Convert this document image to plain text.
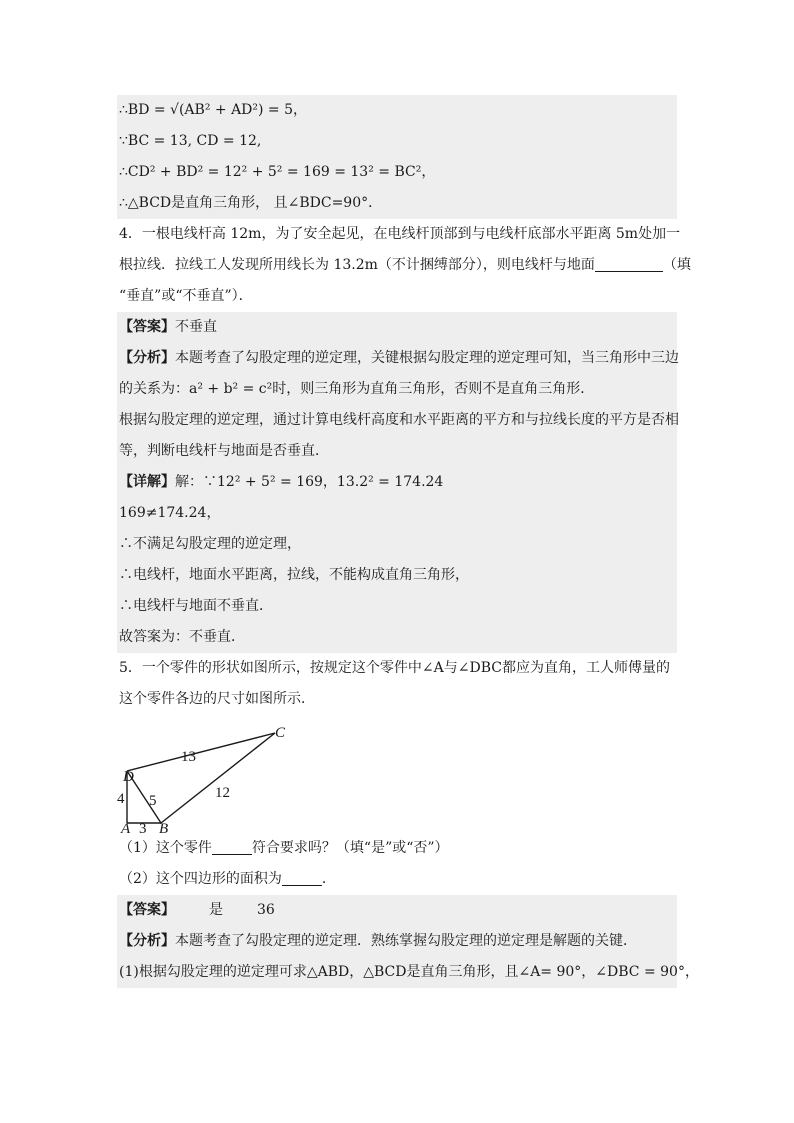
∴BD = √(AB² + AD²) = 5，
∵BC = 13, CD = 12,
∴CD² + BD² = 12² + 5² = 169 = 13² = BC²，
∴△BCD是直角三角形， 且∠BDC=90°．
4．一根电线杆高 12m，为了安全起见，在电线杆顶部到与电线杆底部水平距离 5m处加一
根拉线．拉线工人发现所用线长为 13.2m（不计捆缚部分），则电线杆与地面	（填
“垂直”或“不垂直”）．
【答案】不垂直
【分析】本题考查了勾股定理的逆定理，关键根据勾股定理的逆定理可知，当三角形中三边
的关系为：a² + b² = c²时，则三角形为直角三角形，否则不是直角三角形．
根据勾股定理的逆定理，通过计算电线杆高度和水平距离的平方和与拉线长度的平方是否相
等，判断电线杆与地面是否垂直．
【详解】解：∵12² + 5² = 169，13.2² = 174.24
169≠174.24，
∴不满足勾股定理的逆定理，
∴电线杆，地面水平距离，拉线，不能构成直角三角形，
∴电线杆与地面不垂直．
故答案为：不垂直．
5．一个零件的形状如图所示，按规定这个零件中∠A与∠DBC都应为直角，工人师傅量的
这个零件各边的尺寸如图所示．
D
C
A B
13
4 5	12
3
（1）这个零件	符合要求吗？（填“是”或“否”）
（2）这个四边形的面积为	．
【答案】 是 36
【分析】本题考查了勾股定理的逆定理．熟练掌握勾股定理的逆定理是解题的关键．
(1)根据勾股定理的逆定理可求△ABD，△BCD是直角三角形，且∠A= 90°，∠DBC = 90°，
